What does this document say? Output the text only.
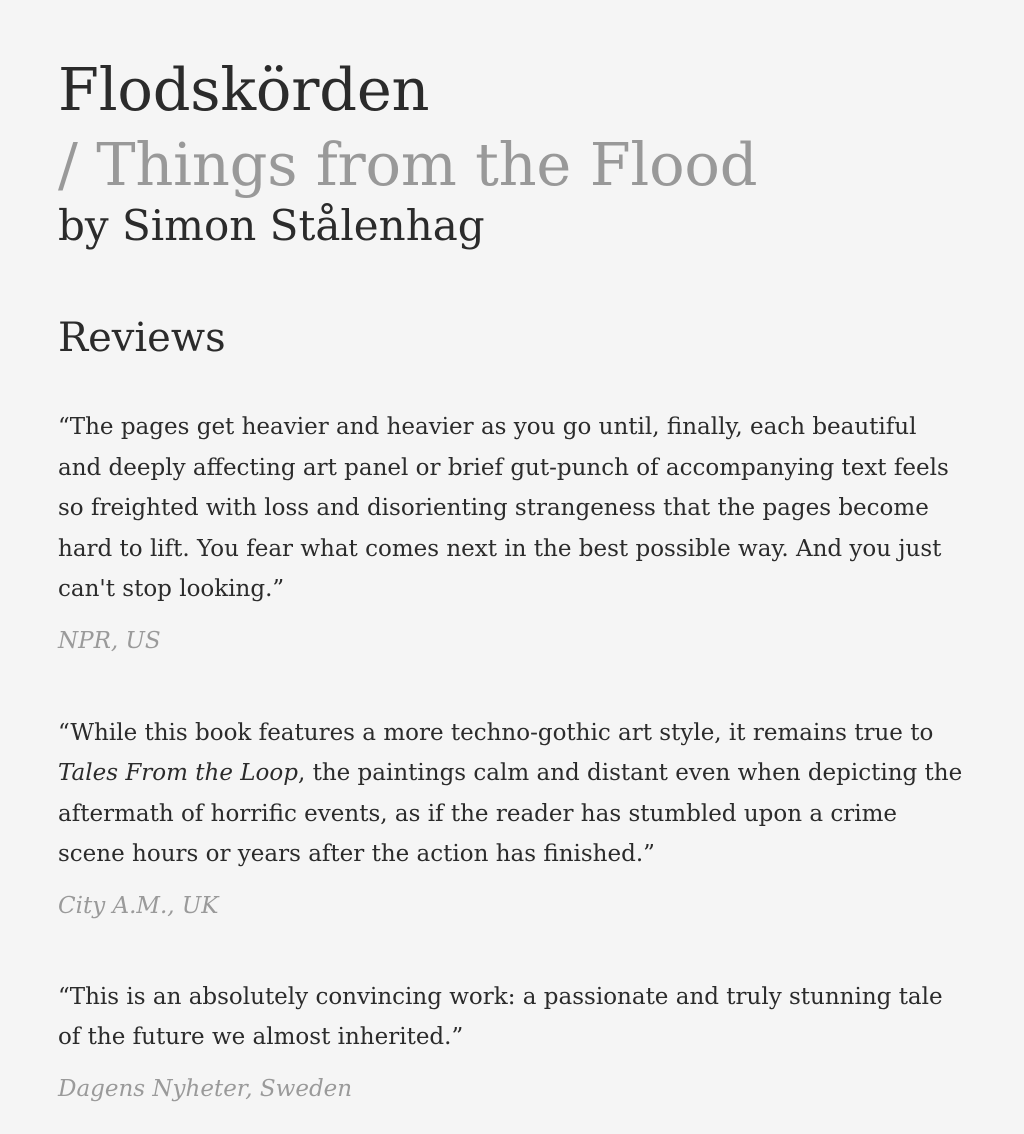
Flodskörden
/ Things from the Flood
by Simon Stålenhag
Reviews

“The pages get heavier and heavier as you go until, finally, each beautiful and deeply affecting art panel or brief gut-punch of accompanying text feels so freighted with loss and disorienting strangeness that the pages become hard to lift. You fear what comes next in the best possible way. And you just can't stop looking.”

NPR, US

“While this book features a more techno-gothic art style, it remains true to Tales From the Loop, the paintings calm and distant even when depicting the aftermath of horrific events, as if the reader has stumbled upon a crime scene hours or years after the action has finished.”

City A.M., UK

“This is an absolutely convincing work: a passionate and truly stunning tale of the future we almost inherited.”

Dagens Nyheter, Sweden
